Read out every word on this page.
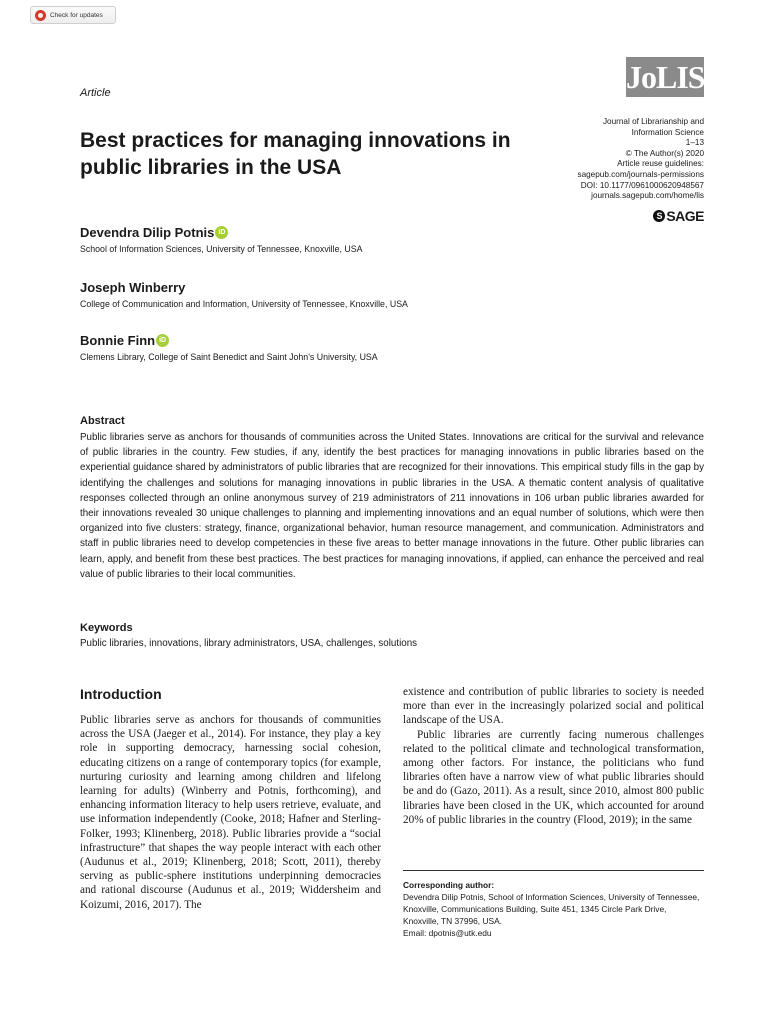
Check for updates
Article	JoLIS
Journal of Librarianship and
Information Science
1–13
© The Author(s) 2020
Article reuse guidelines:
sagepub.com/journals-permissions
DOI: 10.1177/0961000620948567
journals.sagepub.com/home/lis
S SAGE
Best practices for managing innovations in public libraries in the USA
Devendra Dilip Potnis iD
School of Information Sciences, University of Tennessee, Knoxville, USA
Joseph Winberry
College of Communication and Information, University of Tennessee, Knoxville, USA
Bonnie Finn iD
Clemens Library, College of Saint Benedict and Saint John's University, USA
Abstract

Public libraries serve as anchors for thousands of communities across the United States. Innovations are critical for the survival and relevance of public libraries in the country. Few studies, if any, identify the best practices for managing innovations in public libraries based on the experiential guidance shared by administrators of public libraries that are recognized for their innovations. This empirical study fills in the gap by identifying the challenges and solutions for managing innovations in public libraries in the USA. A thematic content analysis of qualitative responses collected through an online anonymous survey of 219 administrators of 211 innovations in 106 urban public libraries awarded for their innovations revealed 30 unique challenges to planning and implementing innovations and an equal number of solutions, which were then organized into five clusters: strategy, finance, organizational behavior, human resource management, and communication. Administrators and staff in public libraries need to develop competencies in these five areas to better manage innovations in the future. Other public libraries can learn, apply, and benefit from these best practices. The best practices for managing innovations, if applied, can enhance the perceived and real value of public libraries to their local communities.

Keywords
Public libraries, innovations, library administrators, USA, challenges, solutions
Introduction

Public libraries serve as anchors for thousands of communities across the USA (Jaeger et al., 2014). For instance, they play a key role in supporting democracy, harnessing social cohesion, educating citizens on a range of contemporary topics (for example, nurturing curiosity and learning among children and lifelong learning for adults) (Winberry and Potnis, forthcoming), and enhancing information literacy to help users retrieve, evaluate, and use information independently (Cooke, 2018; Hafner and Sterling-Folker, 1993; Klinenberg, 2018). Public libraries provide a “social infrastructure” that shapes the way people interact with each other (Audunus et al., 2019; Klinenberg, 2018; Scott, 2011), thereby serving as public-sphere institutions underpinning democracies and rational discourse (Audunus et al., 2019; Widdersheim and Koizumi, 2016, 2017). The

existence and contribution of public libraries to society is needed more than ever in the increasingly polarized social and political landscape of the USA.

Public libraries are currently facing numerous challenges related to the political climate and technological transformation, among other factors. For instance, the politicians who fund libraries often have a narrow view of what public libraries should be and do (Gazo, 2011). As a result, since 2010, almost 800 public libraries have been closed in the UK, which accounted for around 20% of public libraries in the country (Flood, 2019); in the same

Corresponding author:
Devendra Dilip Potnis, School of Information Sciences, University of Tennessee, Knoxville, Communications Building, Suite 451, 1345 Circle Park Drive, Knoxville, TN 37996, USA.
Email: dpotnis@utk.edu
